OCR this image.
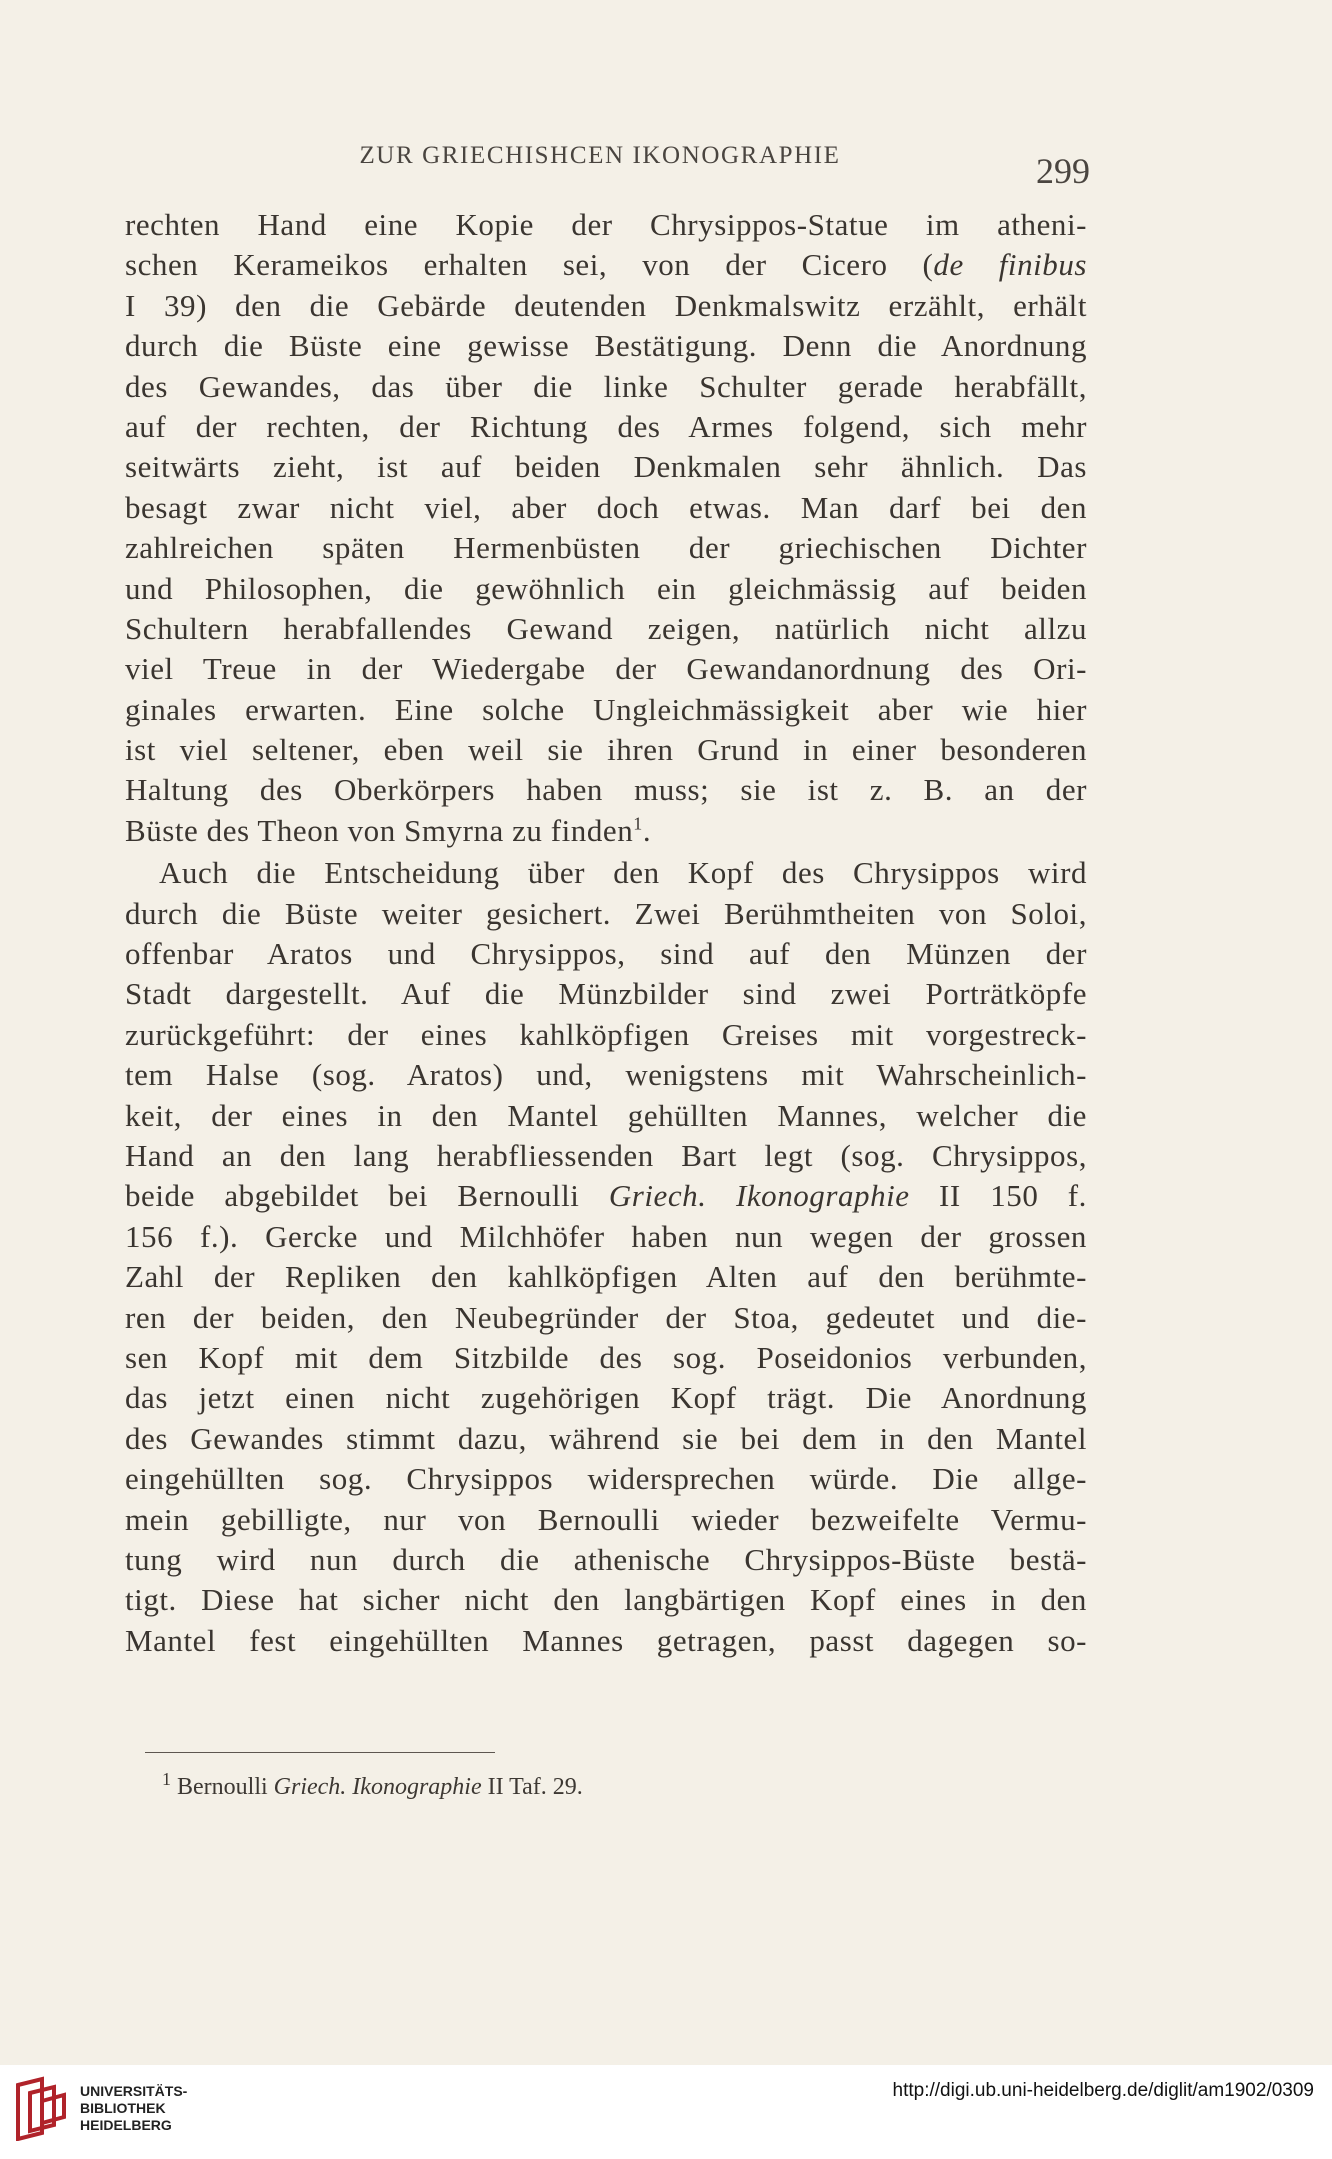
ZUR GRIECHISHCEN IKONOGRAPHIE	299
rechten Hand eine Kopie der Chrysippos-Statue im atheni-
schen Kerameikos erhalten sei, von der Cicero (de finibus
I 39) den die Gebärde deutenden Denkmalswitz erzählt, erhält
durch die Büste eine gewisse Bestätigung. Denn die Anordnung
des Gewandes, das über die linke Schulter gerade herabfällt,
auf der rechten, der Richtung des Armes folgend, sich mehr
seitwärts zieht, ist auf beiden Denkmalen sehr ähnlich. Das
besagt zwar nicht viel, aber doch etwas. Man darf bei den
zahlreichen späten Hermenbüsten der griechischen Dichter
und Philosophen, die gewöhnlich ein gleichmässig auf beiden
Schultern herabfallendes Gewand zeigen, natürlich nicht allzu
viel Treue in der Wiedergabe der Gewandanordnung des Ori-
ginales erwarten. Eine solche Ungleichmässigkeit aber wie hier
ist viel seltener, eben weil sie ihren Grund in einer besonderen
Haltung des Oberkörpers haben muss; sie ist z. B. an der
Büste des Theon von Smyrna zu finden$^1$.
Auch die Entscheidung über den Kopf des Chrysippos wird
durch die Büste weiter gesichert. Zwei Berühmtheiten von Soloi,
offenbar Aratos und Chrysippos, sind auf den Münzen der
Stadt dargestellt. Auf die Münzbilder sind zwei Porträtköpfe
zurückgeführt: der eines kahlköpfigen Greises mit vorgestreck-
tem Halse (sog. Aratos) und, wenigstens mit Wahrscheinlich-
keit, der eines in den Mantel gehüllten Mannes, welcher die
Hand an den lang herabfliessenden Bart legt (sog. Chrysippos,
beide abgebildet bei Bernoulli Griech. Ikonographie II 150 f.
156 f.). Gercke und Milchhöfer haben nun wegen der grossen
Zahl der Repliken den kahlköpfigen Alten auf den berühmte-
ren der beiden, den Neubegründer der Stoa, gedeutet und die-
sen Kopf mit dem Sitzbilde des sog. Poseidonios verbunden,
das jetzt einen nicht zugehörigen Kopf trägt. Die Anordnung
des Gewandes stimmt dazu, während sie bei dem in den Mantel
eingehüllten sog. Chrysippos widersprechen würde. Die allge-
mein gebilligte, nur von Bernoulli wieder bezweifelte Vermu-
tung wird nun durch die athenische Chrysippos-Büste bestä-
tigt. Diese hat sicher nicht den langbärtigen Kopf eines in den
Mantel fest eingehüllten Mannes getragen, passt dagegen so-
$^1$ Bernoulli Griech. Ikonographie II Taf. 29.
UNIVERSITÄTS-
BIBLIOTHEK
HEIDELBERG
http://digi.ub.uni-heidelberg.de/diglit/am1902/0309
